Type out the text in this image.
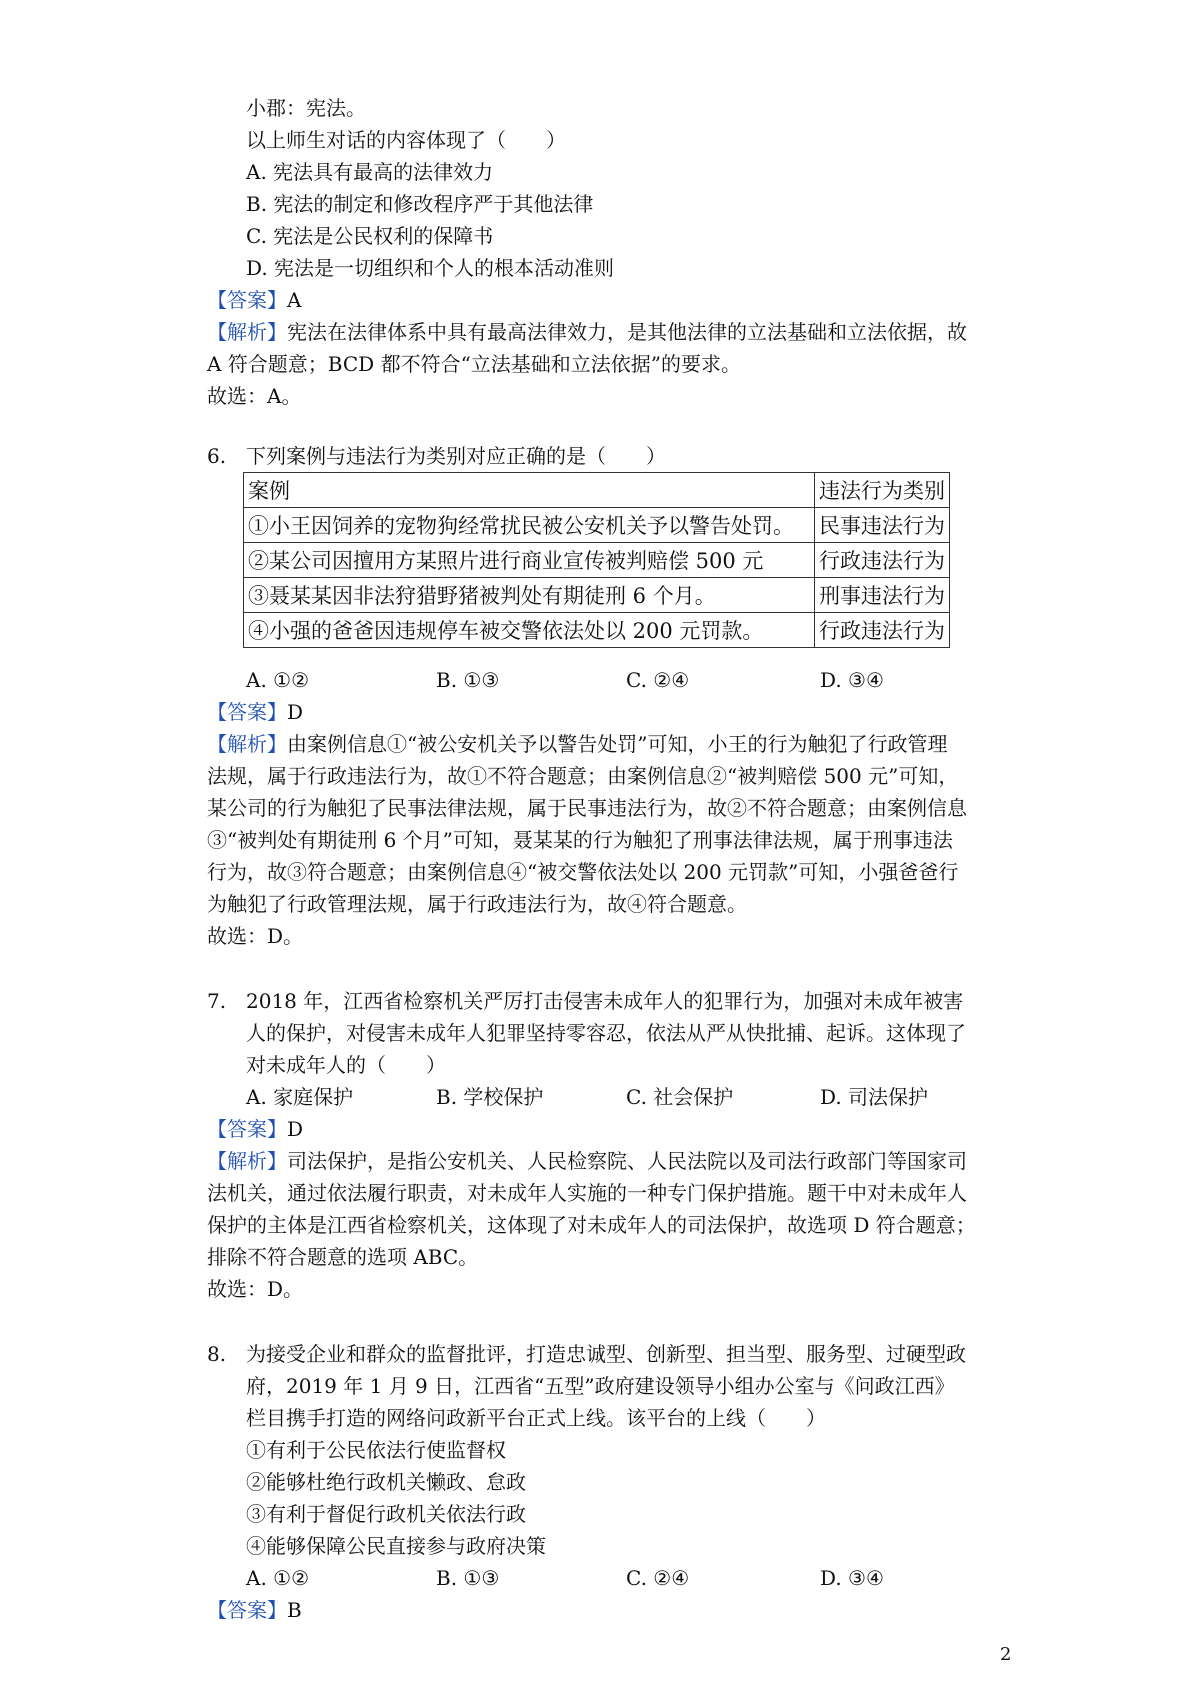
小郡：宪法。
以上师生对话的内容体现了（　　）
A. 宪法具有最高的法律效力
B. 宪法的制定和修改程序严于其他法律
C. 宪法是公民权利的保障书
D. 宪法是一切组织和个人的根本活动准则
【答案】A
【解析】宪法在法律体系中具有最高法律效力，是其他法律的立法基础和立法依据，故
A 符合题意；BCD 都不符合“立法基础和立法依据”的要求。
故选：A。
6. 下列案例与违法行为类别对应正确的是（　　）
案例	违法行为类别
①小王因饲养的宠物狗经常扰民被公安机关予以警告处罚。	民事违法行为
②某公司因擅用方某照片进行商业宣传被判赔偿 500 元	行政违法行为
③聂某某因非法狩猎野猪被判处有期徒刑 6 个月。	刑事违法行为
④小强的爸爸因违规停车被交警依法处以 200 元罚款。	行政违法行为
A. ①②	B. ①③	C. ②④	D. ③④
【答案】D
【解析】由案例信息①“被公安机关予以警告处罚”可知，小王的行为触犯了行政管理
法规，属于行政违法行为，故①不符合题意；由案例信息②“被判赔偿 500 元”可知，
某公司的行为触犯了民事法律法规，属于民事违法行为，故②不符合题意；由案例信息
③“被判处有期徒刑 6 个月”可知，聂某某的行为触犯了刑事法律法规，属于刑事违法
行为，故③符合题意；由案例信息④“被交警依法处以 200 元罚款”可知，小强爸爸行
为触犯了行政管理法规，属于行政违法行为，故④符合题意。
故选：D。
7. 2018 年，江西省检察机关严厉打击侵害未成年人的犯罪行为，加强对未成年被害
人的保护，对侵害未成年人犯罪坚持零容忍，依法从严从快批捕、起诉。这体现了
对未成年人的（　　）
A. 家庭保护	B. 学校保护	C. 社会保护	D. 司法保护
【答案】D
【解析】司法保护，是指公安机关、人民检察院、人民法院以及司法行政部门等国家司
法机关，通过依法履行职责，对未成年人实施的一种专门保护措施。题干中对未成年人
保护的主体是江西省检察机关，这体现了对未成年人的司法保护，故选项 D 符合题意；
排除不符合题意的选项 ABC。
故选：D。
8. 为接受企业和群众的监督批评，打造忠诚型、创新型、担当型、服务型、过硬型政
府，2019 年 1 月 9 日，江西省“五型”政府建设领导小组办公室与《问政江西》
栏目携手打造的网络问政新平台正式上线。该平台的上线（　　）
①有利于公民依法行使监督权
②能够杜绝行政机关懒政、怠政
③有利于督促行政机关依法行政
④能够保障公民直接参与政府决策
A. ①②	B. ①③	C. ②④	D. ③④
【答案】B
2
